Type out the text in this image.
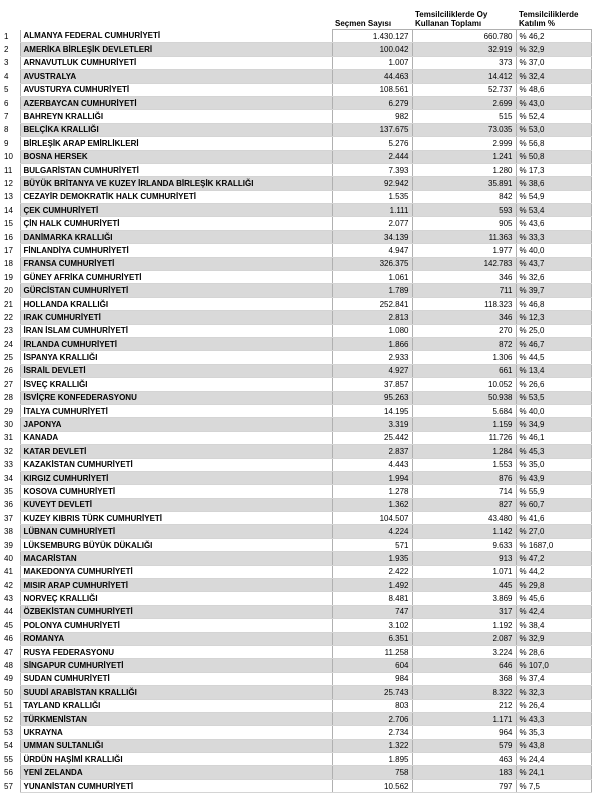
		Seçmen Sayısı	Temsilciliklerde Oy Kullanan Toplamı	Temsilciliklerde Katılım %
1	ALMANYA FEDERAL CUMHURİYETİ	1.430.127	660.780	% 46,2
2	AMERİKA BİRLEŞİK DEVLETLERİ	100.042	32.919	% 32,9
3	ARNAVUTLUK CUMHURİYETİ	1.007	373	% 37,0
4	AVUSTRALYA	44.463	14.412	% 32,4
5	AVUSTURYA CUMHURİYETİ	108.561	52.737	% 48,6
6	AZERBAYCAN CUMHURİYETİ	6.279	2.699	% 43,0
7	BAHREYN KRALLIĞI	982	515	% 52,4
8	BELÇİKA KRALLIĞI	137.675	73.035	% 53,0
9	BİRLEŞİK ARAP EMİRLİKLERİ	5.276	2.999	% 56,8
10	BOSNA HERSEK	2.444	1.241	% 50,8
11	BULGARİSTAN CUMHURİYETİ	7.393	1.280	% 17,3
12	BÜYÜK BRİTANYA VE KUZEY İRLANDA BİRLEŞİK KRALLIĞI	92.942	35.891	% 38,6
13	CEZAYİR DEMOKRATİK HALK CUMHURİYETİ	1.535	842	% 54,9
14	ÇEK CUMHURİYETİ	1.111	593	% 53,4
15	ÇİN HALK CUMHURİYETİ	2.077	905	% 43,6
16	DANİMARKA KRALLIĞI	34.139	11.363	% 33,3
17	FİNLANDİYA CUMHURİYETİ	4.947	1.977	% 40,0
18	FRANSA CUMHURİYETİ	326.375	142.783	% 43,7
19	GÜNEY AFRİKA CUMHURİYETİ	1.061	346	% 32,6
20	GÜRCİSTAN CUMHURİYETİ	1.789	711	% 39,7
21	HOLLANDA KRALLIĞI	252.841	118.323	% 46,8
22	IRAK CUMHURİYETİ	2.813	346	% 12,3
23	İRAN İSLAM CUMHURİYETİ	1.080	270	% 25,0
24	İRLANDA CUMHURİYETİ	1.866	872	% 46,7
25	İSPANYA KRALLIĞI	2.933	1.306	% 44,5
26	İSRAİL DEVLETİ	4.927	661	% 13,4
27	İSVEÇ KRALLIĞI	37.857	10.052	% 26,6
28	İSVİÇRE KONFEDERASYONU	95.263	50.938	% 53,5
29	İTALYA CUMHURİYETİ	14.195	5.684	% 40,0
30	JAPONYA	3.319	1.159	% 34,9
31	KANADA	25.442	11.726	% 46,1
32	KATAR DEVLETİ	2.837	1.284	% 45,3
33	KAZAKİSTAN CUMHURİYETİ	4.443	1.553	% 35,0
34	KIRGIZ CUMHURİYETİ	1.994	876	% 43,9
35	KOSOVA CUMHURİYETİ	1.278	714	% 55,9
36	KUVEYT DEVLETİ	1.362	827	% 60,7
37	KUZEY KIBRIS TÜRK CUMHURİYETİ	104.507	43.480	% 41,6
38	LÜBNAN CUMHURİYETİ	4.224	1.142	% 27,0
39	LÜKSEMBURG BÜYÜK DÜKALIĞI	571	9.633	% 1687,0
40	MACARİSTAN	1.935	913	% 47,2
41	MAKEDONYA CUMHURİYETİ	2.422	1.071	% 44,2
42	MISIR ARAP CUMHURİYETİ	1.492	445	% 29,8
43	NORVEÇ KRALLIĞI	8.481	3.869	% 45,6
44	ÖZBEKİSTAN CUMHURİYETİ	747	317	% 42,4
45	POLONYA CUMHURİYETİ	3.102	1.192	% 38,4
46	ROMANYA	6.351	2.087	% 32,9
47	RUSYA FEDERASYONU	11.258	3.224	% 28,6
48	SİNGAPUR CUMHURİYETİ	604	646	% 107,0
49	SUDAN CUMHURİYETİ	984	368	% 37,4
50	SUUDİ ARABİSTAN KRALLIĞI	25.743	8.322	% 32,3
51	TAYLAND KRALLIĞI	803	212	% 26,4
52	TÜRKMENİSTAN	2.706	1.171	% 43,3
53	UKRAYNA	2.734	964	% 35,3
54	UMMAN SULTANLIĞI	1.322	579	% 43,8
55	ÜRDÜN HAŞİMİ KRALLIĞI	1.895	463	% 24,4
56	YENİ ZELANDA	758	183	% 24,1
57	YUNANİSTAN CUMHURİYETİ	10.562	797	% 7,5
